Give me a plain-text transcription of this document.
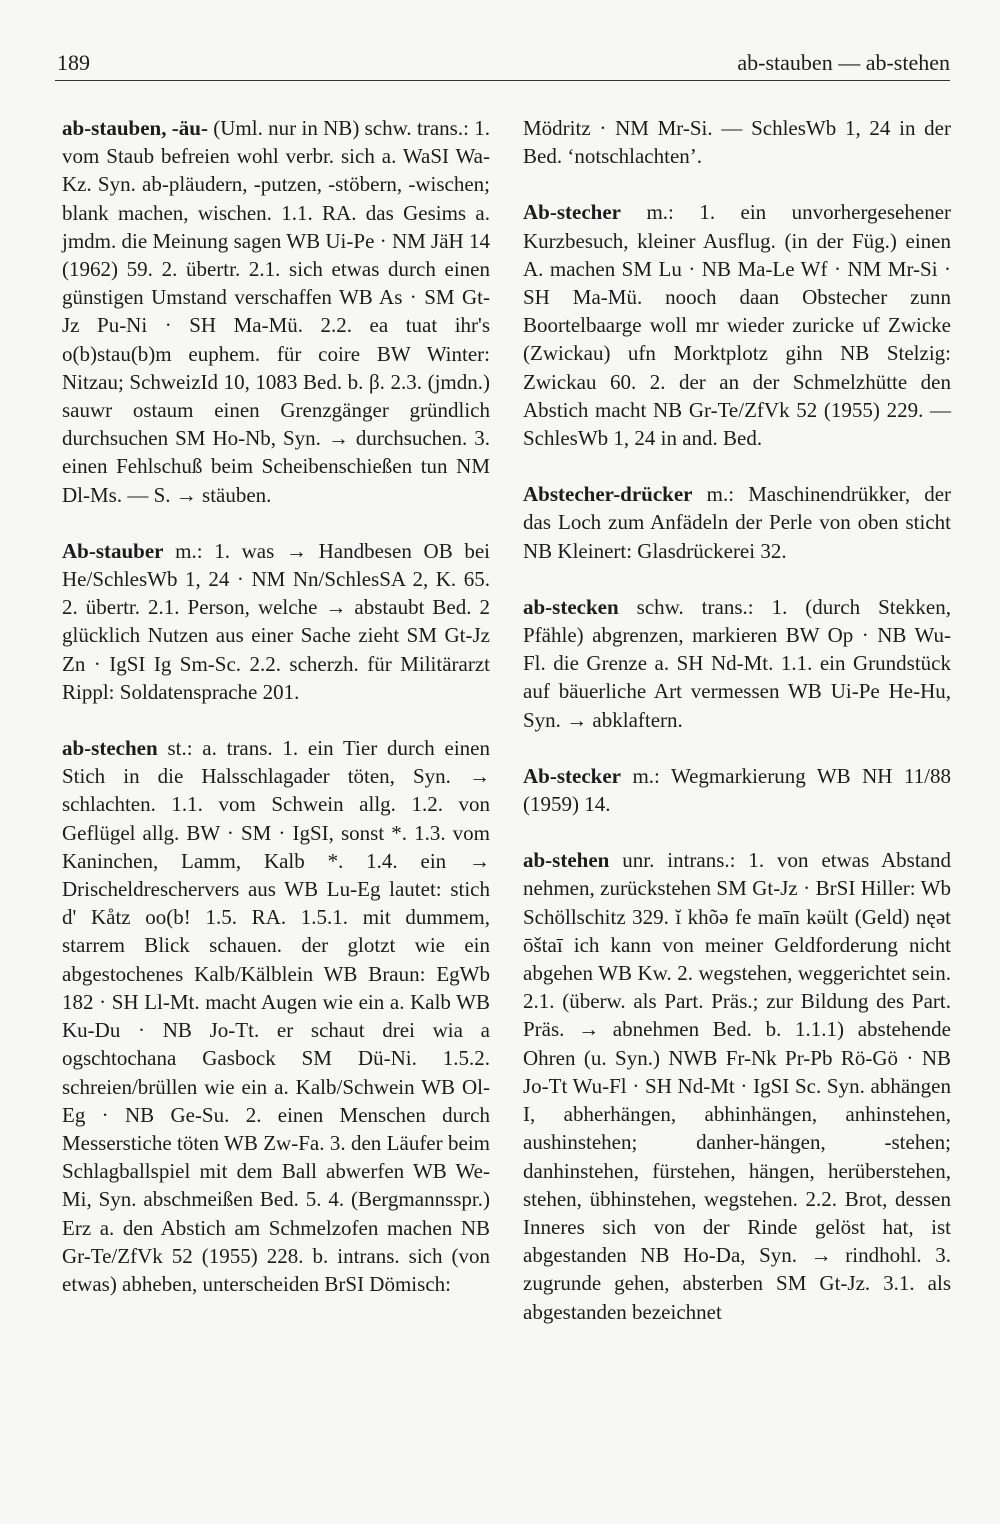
189	ab-stauben — ab-stehen

ab-stauben, -äu- (Uml. nur in NB) schw. trans.: 1. vom Staub befreien wohl verbr. sich a. WaSI Wa-Kz. Syn. ab-pläudern, -putzen, -stöbern, -wischen; blank machen, wischen. 1.1. RA. das Gesims a. jmdm. die Meinung sagen WB Ui-Pe · NM JäH 14 (1962) 59. 2. übertr. 2.1. sich etwas durch einen günstigen Umstand verschaffen WB As · SM Gt-Jz Pu-Ni · SH Ma-Mü. 2.2. ea tuat ihr's o(b)stau(b)m euphem. für coire BW Winter: Nitzau; SchweizId 10, 1083 Bed. b. β. 2.3. (jmdn.) sauwr ostaum einen Grenzgänger gründlich durchsuchen SM Ho-Nb, Syn. → durchsuchen. 3. einen Fehlschuß beim Scheibenschießen tun NM Dl-Ms. — S. → stäuben.

Ab-stauber m.: 1. was → Handbesen OB bei He/SchlesWb 1, 24 · NM Nn/SchlesSA 2, K. 65. 2. übertr. 2.1. Person, welche → abstaubt Bed. 2 glücklich Nutzen aus einer Sache zieht SM Gt-Jz Zn · IgSI Ig Sm-Sc. 2.2. scherzh. für Militärarzt Rippl: Soldatensprache 201.

ab-stechen st.: a. trans. 1. ein Tier durch einen Stich in die Halsschlagader töten, Syn. → schlachten. 1.1. vom Schwein allg. 1.2. von Geflügel allg. BW · SM · IgSI, sonst *. 1.3. vom Kaninchen, Lamm, Kalb *. 1.4. ein → Drischeldreschervers aus WB Lu-Eg lautet: stich d' Kåtz oo(b! 1.5. RA. 1.5.1. mit dummem, starrem Blick schauen. der glotzt wie ein abgestochenes Kalb/Kälblein WB Braun: EgWb 182 · SH Ll-Mt. macht Augen wie ein a. Kalb WB Ku-Du · NB Jo-Tt. er schaut drei wia a ogschtochana Gasbock SM Dü-Ni. 1.5.2. schreien/brüllen wie ein a. Kalb/Schwein WB Ol-Eg · NB Ge-Su. 2. einen Menschen durch Messerstiche töten WB Zw-Fa. 3. den Läufer beim Schlagballspiel mit dem Ball abwerfen WB We-Mi, Syn. abschmeißen Bed. 5. 4. (Bergmannsspr.) Erz a. den Abstich am Schmelzofen machen NB Gr-Te/ZfVk 52 (1955) 228. b. intrans. sich (von etwas) abheben, unterscheiden BrSI Dömisch:

Mödritz · NM Mr-Si. — SchlesWb 1, 24 in der Bed. ‘notschlachten’.

Ab-stecher m.: 1. ein unvorhergesehener Kurzbesuch, kleiner Ausflug. (in der Füg.) einen A. machen SM Lu · NB Ma-Le Wf · NM Mr-Si · SH Ma-Mü. nooch daan Obstecher zunn Boortelbaarge woll mr wieder zuricke uf Zwicke (Zwickau) ufn Morktplotz gihn NB Stelzig: Zwickau 60. 2. der an der Schmelzhütte den Abstich macht NB Gr-Te/ZfVk 52 (1955) 229. — SchlesWb 1, 24 in and. Bed.

Abstecher-drücker m.: Maschinendrükker, der das Loch zum Anfädeln der Perle von oben sticht NB Kleinert: Glasdrückerei 32.

ab-stecken schw. trans.: 1. (durch Stekken, Pfähle) abgrenzen, markieren BW Op · NB Wu-Fl. die Grenze a. SH Nd-Mt. 1.1. ein Grundstück auf bäuerliche Art vermessen WB Ui-Pe He-Hu, Syn. → abklaftern.

Ab-stecker m.: Wegmarkierung WB NH 11/88 (1959) 14.

ab-stehen unr. intrans.: 1. von etwas Abstand nehmen, zurückstehen SM Gt-Jz · BrSI Hiller: Wb Schöllschitz 329. ĭ khõə fe maīn kəült (Geld) nęət ōštaī ich kann von meiner Geldforderung nicht abgehen WB Kw. 2. wegstehen, weggerichtet sein. 2.1. (überw. als Part. Präs.; zur Bildung des Part. Präs. → abnehmen Bed. b. 1.1.1) abstehende Ohren (u. Syn.) NWB Fr-Nk Pr-Pb Rö-Gö · NB Jo-Tt Wu-Fl · SH Nd-Mt · IgSI Sc. Syn. abhängen I, abherhängen, abhinhängen, anhinstehen, aushinstehen; danher-hängen, -stehen; danhinstehen, fürstehen, hängen, herüberstehen, stehen, übhinstehen, wegstehen. 2.2. Brot, dessen Inneres sich von der Rinde gelöst hat, ist abgestanden NB Ho-Da, Syn. → rindhohl. 3. zugrunde gehen, absterben SM Gt-Jz. 3.1. als abgestanden bezeichnet
